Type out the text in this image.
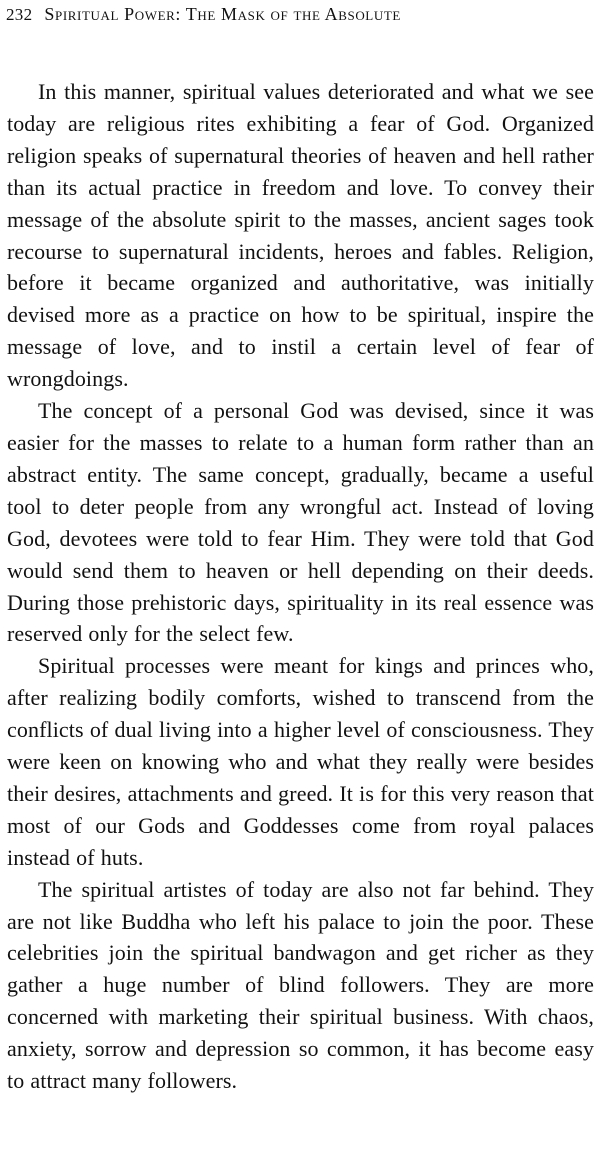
232 Spiritual Power: The Mask of the Absolute

In this manner, spiritual values deteriorated and what we see today are religious rites exhibiting a fear of God. Organized religion speaks of supernatural theories of heaven and hell rather than its actual practice in freedom and love. To convey their message of the absolute spirit to the masses, ancient sages took recourse to supernatural incidents, heroes and fables. Religion, before it became organized and authoritative, was initially devised more as a practice on how to be spiritual, inspire the message of love, and to instil a certain level of fear of wrongdoings.

The concept of a personal God was devised, since it was easier for the masses to relate to a human form rather than an abstract entity. The same concept, gradually, became a useful tool to deter people from any wrongful act. Instead of loving God, devotees were told to fear Him. They were told that God would send them to heaven or hell depending on their deeds. During those prehistoric days, spirituality in its real essence was reserved only for the select few.

Spiritual processes were meant for kings and princes who, after realizing bodily comforts, wished to transcend from the conflicts of dual living into a higher level of consciousness. They were keen on knowing who and what they really were besides their desires, attachments and greed. It is for this very reason that most of our Gods and Goddesses come from royal palaces instead of huts.

The spiritual artistes of today are also not far behind. They are not like Buddha who left his palace to join the poor. These celebrities join the spiritual bandwagon and get richer as they gather a huge number of blind followers. They are more concerned with marketing their spiritual business. With chaos, anxiety, sorrow and depression so common, it has become easy to attract many followers.
